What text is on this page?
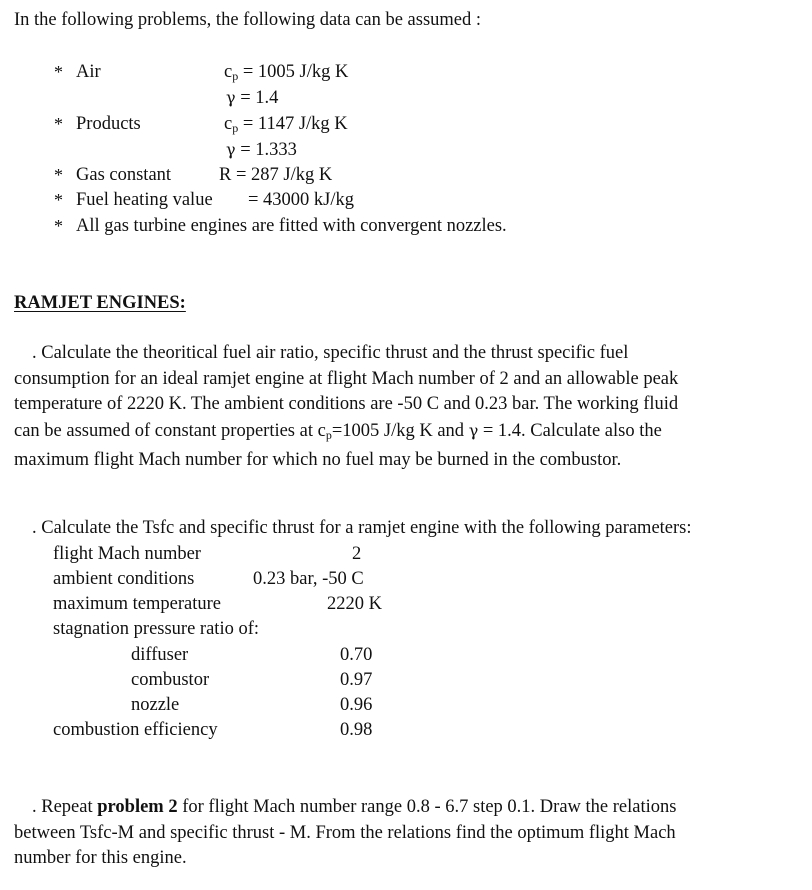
In the following problems, the following data can be assumed :
* Air	$c_p = 1005$ J/kg K
γ = 1.4
* Products	$c_p = 1147$ J/kg K
γ = 1.333
* Gas constant	R = 287 J/kg K
* Fuel heating value = 43000 kJ/kg
* All gas turbine engines are fitted with convergent nozzles.
RAMJET ENGINES:
. Calculate the theoritical fuel air ratio, specific thrust and the thrust specific fuel
consumption for an ideal ramjet engine at flight Mach number of 2 and an allowable peak
temperature of 2220 K. The ambient conditions are -50 C and 0.23 bar. The working fluid
can be assumed of constant properties at $c_p=1005$ J/kg K and γ = 1.4. Calculate also the
maximum flight Mach number for which no fuel may be burned in the combustor.
. Calculate the Tsfc and specific thrust for a ramjet engine with the following parameters:
flight Mach number	2
ambient conditions	0.23 bar, -50 C
maximum temperature	2220 K
stagnation pressure ratio of:
diffuser	0.70
combustor	0.97
nozzle	0.96
combustion efficiency	0.98
. Repeat problem 2 for flight Mach number range 0.8 - 6.7 step 0.1. Draw the relations
between Tsfc-M and specific thrust - M. From the relations find the optimum flight Mach
number for this engine.
